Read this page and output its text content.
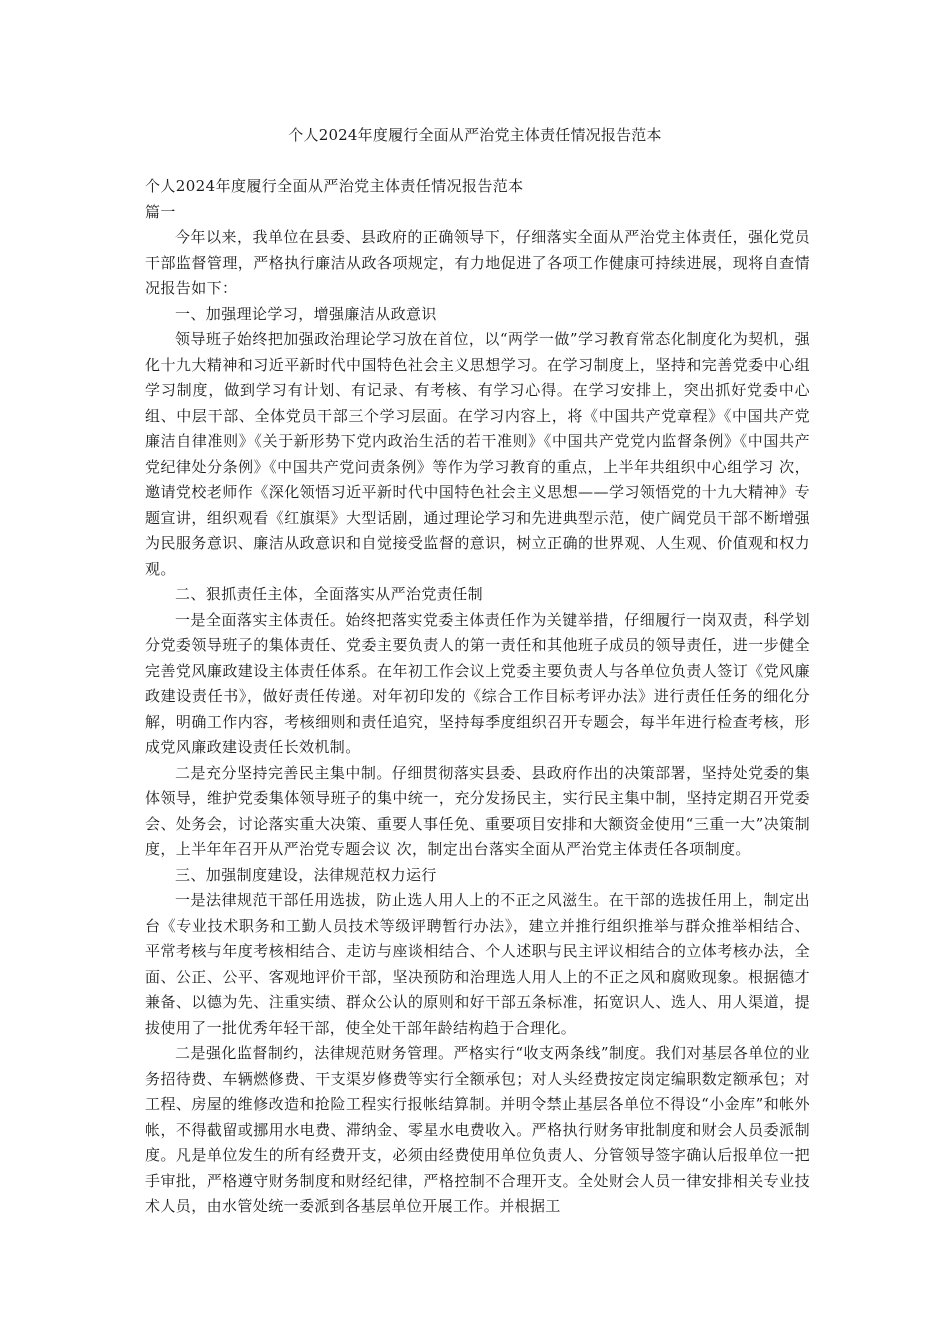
个人2024年度履行全面从严治党主体责任情况报告范本

个人2024年度履行全面从严治党主体责任情况报告范本

篇一

今年以来，我单位在县委、县政府的正确领导下，仔细落实全面从严治党主体责任，强化党员干部监督管理，严格执行廉洁从政各项规定，有力地促进了各项工作健康可持续进展，现将自查情况报告如下：

一、加强理论学习，增强廉洁从政意识

领导班子始终把加强政治理论学习放在首位，以“两学一做”学习教育常态化制度化为契机，强化十九大精神和习近平新时代中国特色社会主义思想学习。在学习制度上，坚持和完善党委中心组学习制度，做到学习有计划、有记录、有考核、有学习心得。在学习安排上，突出抓好党委中心组、中层干部、全体党员干部三个学习层面。在学习内容上，将《中国共产党章程》《中国共产党廉洁自律准则》《关于新形势下党内政治生活的若干准则》《中国共产党党内监督条例》《中国共产党纪律处分条例》《中国共产党问责条例》等作为学习教育的重点，上半年共组织中心组学习 次，邀请党校老师作《深化领悟习近平新时代中国特色社会主义思想——学习领悟党的十九大精神》专题宣讲，组织观看《红旗渠》大型话剧，通过理论学习和先进典型示范，使广阔党员干部不断增强为民服务意识、廉洁从政意识和自觉接受监督的意识，树立正确的世界观、人生观、价值观和权力观。

二、狠抓责任主体，全面落实从严治党责任制

一是全面落实主体责任。始终把落实党委主体责任作为关键举措，仔细履行一岗双责，科学划分党委领导班子的集体责任、党委主要负责人的第一责任和其他班子成员的领导责任，进一步健全完善党风廉政建设主体责任体系。在年初工作会议上党委主要负责人与各单位负责人签订《党风廉政建设责任书》，做好责任传递。对年初印发的《综合工作目标考评办法》进行责任任务的细化分解，明确工作内容，考核细则和责任追究，坚持每季度组织召开专题会，每半年进行检查考核，形成党风廉政建设责任长效机制。

二是充分坚持完善民主集中制。仔细贯彻落实县委、县政府作出的决策部署，坚持处党委的集体领导，维护党委集体领导班子的集中统一，充分发扬民主，实行民主集中制，坚持定期召开党委会、处务会，讨论落实重大决策、重要人事任免、重要项目安排和大额资金使用“三重一大”决策制度，上半年年召开从严治党专题会议 次，制定出台落实全面从严治党主体责任各项制度。

三、加强制度建设，法律规范权力运行

一是法律规范干部任用选拔，防止选人用人上的不正之风滋生。在干部的选拔任用上，制定出台《专业技术职务和工勤人员技术等级评聘暂行办法》，建立并推行组织推举与群众推举相结合、平常考核与年度考核相结合、走访与座谈相结合、个人述职与民主评议相结合的立体考核办法，全面、公正、公平、客观地评价干部，坚决预防和治理选人用人上的不正之风和腐败现象。根据德才兼备、以德为先、注重实绩、群众公认的原则和好干部五条标准，拓宽识人、选人、用人渠道，提拔使用了一批优秀年轻干部，使全处干部年龄结构趋于合理化。

二是强化监督制约，法律规范财务管理。严格实行“收支两条线”制度。我们对基层各单位的业务招待费、车辆燃修费、干支渠岁修费等实行全额承包；对人头经费按定岗定编职数定额承包；对工程、房屋的维修改造和抢险工程实行报帐结算制。并明令禁止基层各单位不得设“小金库”和帐外帐，不得截留或挪用水电费、滞纳金、零星水电费收入。严格执行财务审批制度和财会人员委派制度。凡是单位发生的所有经费开支，必须由经费使用单位负责人、分管领导签字确认后报单位一把手审批，严格遵守财务制度和财经纪律，严格控制不合理开支。全处财会人员一律安排相关专业技术人员，由水管处统一委派到各基层单位开展工作。并根据工
